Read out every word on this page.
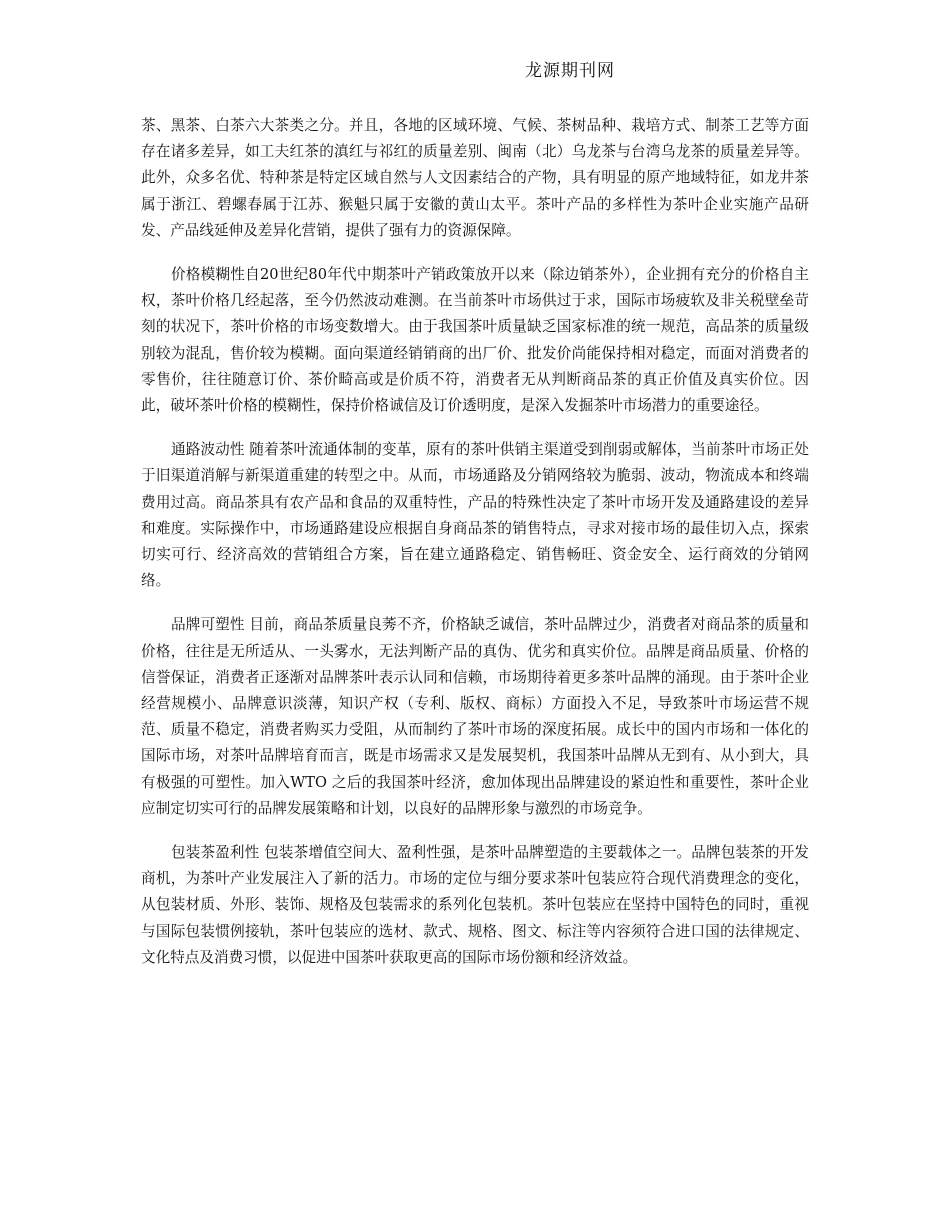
龙源期刊网

茶、黑茶、白茶六大茶类之分。并且，各地的区域环境、气候、茶树品种、栽培方式、制茶工艺等方面存在诸多差异，如工夫红茶的滇红与祁红的质量差别、闽南（北）乌龙茶与台湾乌龙茶的质量差异等。此外，众多名优、特种茶是特定区域自然与人文因素结合的产物，具有明显的原产地域特征，如龙井茶属于浙江、碧螺春属于江苏、猴魁只属于安徽的黄山太平。茶叶产品的多样性为茶叶企业实施产品研发、产品线延伸及差异化营销，提供了强有力的资源保障。

价格模糊性自20世纪80年代中期茶叶产销政策放开以来（除边销茶外），企业拥有充分的价格自主权，茶叶价格几经起落，至今仍然波动难测。在当前茶叶市场供过于求，国际市场疲软及非关税壁垒苛刻的状况下，茶叶价格的市场变数增大。由于我国茶叶质量缺乏国家标准的统一规范，高品茶的质量级别较为混乱，售价较为模糊。面向渠道经销销商的出厂价、批发价尚能保持相对稳定，而面对消费者的零售价，往往随意订价、茶价畸高或是价质不符，消费者无从判断商品茶的真正价值及真实价位。因此，破坏茶叶价格的模糊性，保持价格诚信及订价透明度，是深入发掘茶叶市场潜力的重要途径。

通路波动性 随着茶叶流通体制的变革，原有的茶叶供销主渠道受到削弱或解体，当前茶叶市场正处于旧渠道消解与新渠道重建的转型之中。从而，市场通路及分销网络较为脆弱、波动，物流成本和终端费用过高。商品茶具有农产品和食品的双重特性，产品的特殊性决定了茶叶市场开发及通路建设的差异和难度。实际操作中，市场通路建设应根据自身商品茶的销售特点，寻求对接市场的最佳切入点，探索切实可行、经济高效的营销组合方案，旨在建立通路稳定、销售畅旺、资金安全、运行商效的分销网络。

品牌可塑性 目前，商品茶质量良莠不齐，价格缺乏诚信，茶叶品牌过少，消费者对商品茶的质量和价格，往往是无所适从、一头雾水，无法判断产品的真伪、优劣和真实价位。品牌是商品质量、价格的信誉保证，消费者正逐渐对品牌茶叶表示认同和信赖，市场期待着更多茶叶品牌的涌现。由于茶叶企业经营规模小、品牌意识淡薄，知识产权（专利、版权、商标）方面投入不足，导致茶叶市场运营不规范、质量不稳定，消费者购买力受阻，从而制约了茶叶市场的深度拓展。成长中的国内市场和一体化的国际市场，对茶叶品牌培育而言，既是市场需求又是发展契机，我国茶叶品牌从无到有、从小到大，具有极强的可塑性。加入WTO 之后的我国茶叶经济，愈加体现出品牌建设的紧迫性和重要性，茶叶企业应制定切实可行的品牌发展策略和计划，以良好的品牌形象与激烈的市场竞争。

包装茶盈利性 包装茶增值空间大、盈利性强，是茶叶品牌塑造的主要载体之一。品牌包装茶的开发商机，为茶叶产业发展注入了新的活力。市场的定位与细分要求茶叶包装应符合现代消费理念的变化，从包装材质、外形、装饰、规格及包装需求的系列化包装机。茶叶包装应在坚持中国特色的同时，重视与国际包装惯例接轨，茶叶包装应的选材、款式、规格、图文、标注等内容须符合进口国的法律规定、文化特点及消费习惯，以促进中国茶叶获取更高的国际市场份额和经济效益。
